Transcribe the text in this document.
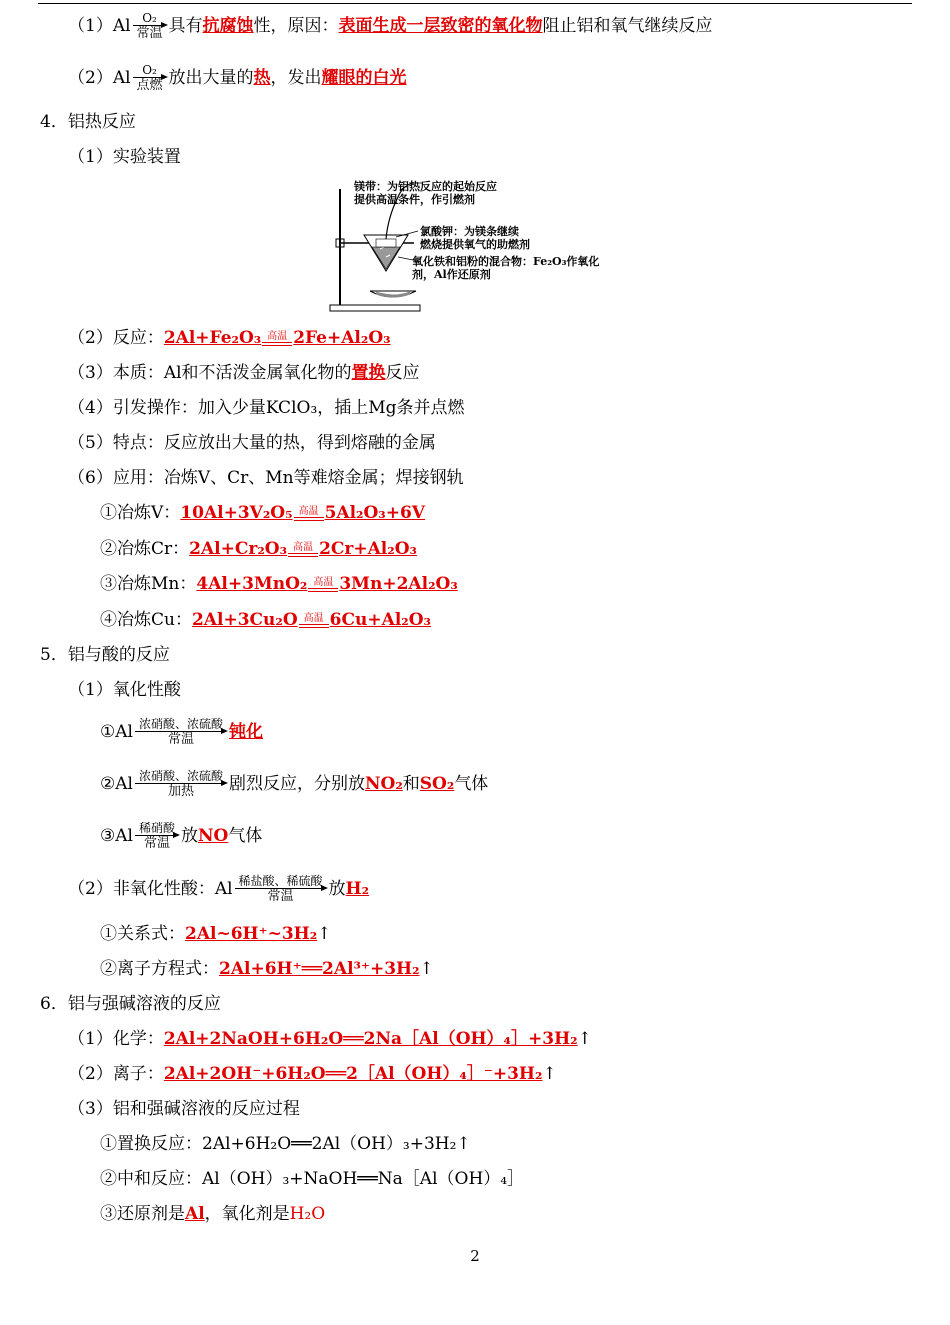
（1）Al O₂
常温 具有抗腐蚀性，原因：表面生成一层致密的氧化物阻止铝和氧气继续反应
（2）Al O₂
点燃 放出大量的热，发出耀眼的白光
4．铝热反应
（1）实验装置
镁带：为铝热反应的起始反应
提供高温条件，作引燃剂
氯酸钾：为镁条继续
燃烧提供氧气的助燃剂
氧化铁和铝粉的混合物：Fe₂O₃作氧化
剂，Al作还原剂
（2）反应：2Al+Fe₂O₃ 高温 2Fe+Al₂O₃
（3）本质：Al和不活泼金属氧化物的置换反应
（4）引发操作：加入少量KClO₃，插上Mg条并点燃
（5）特点：反应放出大量的热，得到熔融的金属
（6）应用：冶炼V、Cr、Mn等难熔金属；焊接钢轨
①冶炼V：10Al+3V₂O₅ 高温 5Al₂O₃+6V
②冶炼Cr：2Al+Cr₂O₃ 高温 2Cr+Al₂O₃
③冶炼Mn：4Al+3MnO₂ 高温 3Mn+2Al₂O₃
④冶炼Cu：2Al+3Cu₂O 高温 6Cu+Al₂O₃
5．铝与酸的反应
（1）氧化性酸
①Al 浓硝酸、浓硫酸
常温	钝化
②Al 浓硝酸、浓硫酸
加热	剧烈反应，分别放NO₂和SO₂气体
③Al 稀硝酸
常温 放NO气体
（2）非氧化性酸：Al 稀盐酸、稀硫酸
常温	放H₂
①关系式：2Al~6H⁺~3H₂↑
②离子方程式：2Al+6H⁺══2Al³⁺+3H₂↑
6．铝与强碱溶液的反应
（1）化学：2Al+2NaOH+6H₂O══2Na［Al（OH）₄］+3H₂↑
（2）离子：2Al+2OH⁻+6H₂O══2［Al（OH）₄］⁻+3H₂↑
（3）铝和强碱溶液的反应过程
①置换反应：2Al+6H₂O══2Al（OH）₃+3H₂↑
②中和反应：Al（OH）₃+NaOH══Na［Al（OH）₄］
③还原剂是Al，氧化剂是H₂O
2
